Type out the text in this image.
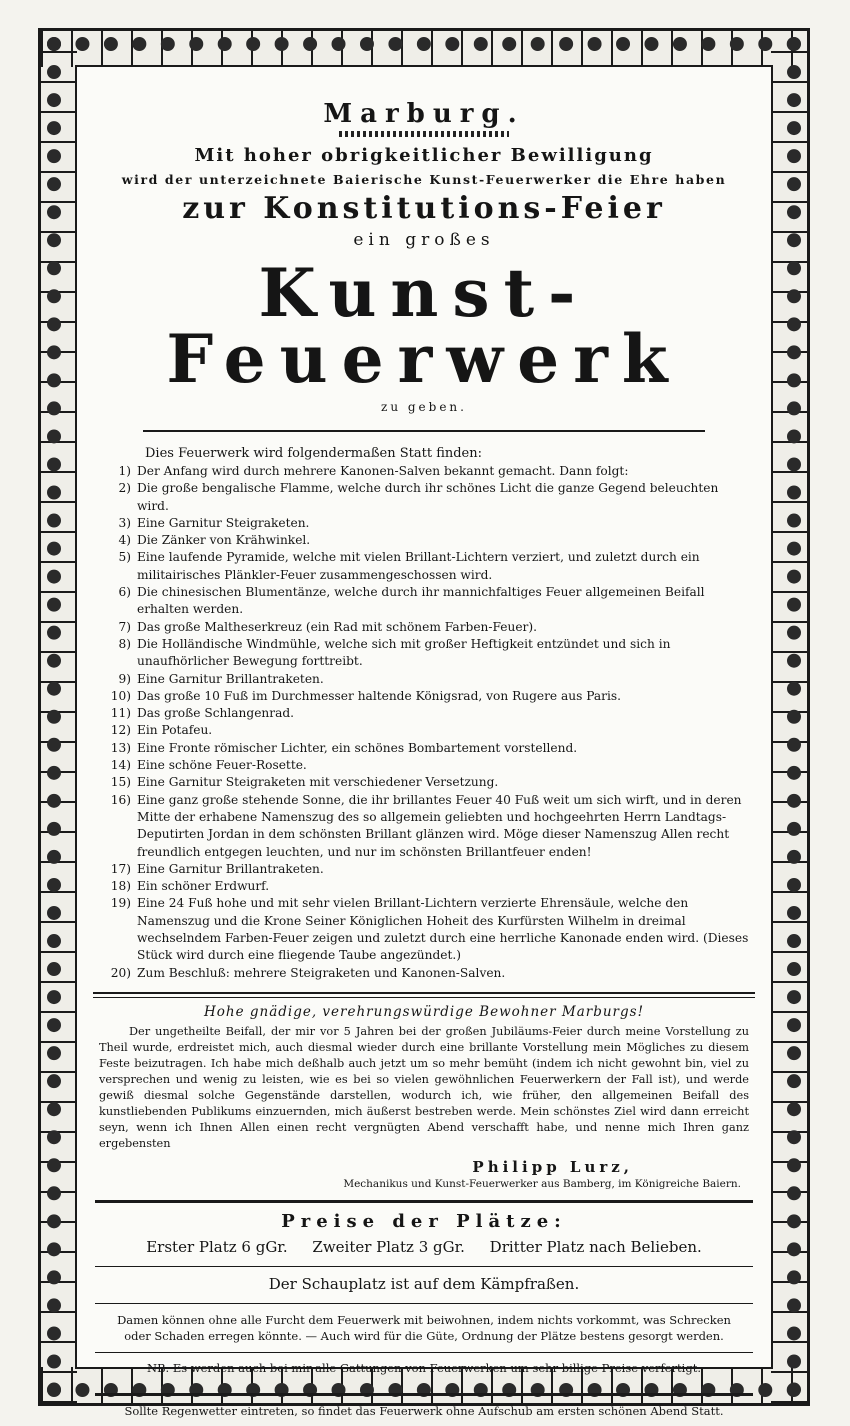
Marburg.
Mit hoher obrigkeitlicher Bewilligung
wird der unterzeichnete Baierische Kunst-Feuerwerker die Ehre haben
zur Konstitutions-Feier
ein großes
Kunst-Feuerwerk
zu geben.
Dies Feuerwerk wird folgendermaßen Statt finden:
1) Der Anfang wird durch mehrere Kanonen-Salven bekannt gemacht. Dann folgt:
2) Die große bengalische Flamme, welche durch ihr schönes Licht die ganze Gegend beleuchten wird.
3) Eine Garnitur Steigraketen.
4) Die Zänker von Krähwinkel.
5) Eine laufende Pyramide, welche mit vielen Brillant-Lichtern verziert, und zuletzt durch ein militairisches Plänkler-Feuer zusammengeschossen wird.
6) Die chinesischen Blumentänze, welche durch ihr mannichfaltiges Feuer allgemeinen Beifall erhalten werden.
7) Das große Maltheserkreuz (ein Rad mit schönem Farben-Feuer).
8) Die Holländische Windmühle, welche sich mit großer Heftigkeit entzündet und sich in unaufhörlicher Bewegung forttreibt.
9) Eine Garnitur Brillantraketen.
10) Das große 10 Fuß im Durchmesser haltende Königsrad, von Rugere aus Paris.
11) Das große Schlangenrad.
12) Ein Potafeu.
13) Eine Fronte römischer Lichter, ein schönes Bombartement vorstellend.
14) Eine schöne Feuer-Rosette.
15) Eine Garnitur Steigraketen mit verschiedener Versetzung.
16) Eine ganz große stehende Sonne, die ihr brillantes Feuer 40 Fuß weit um sich wirft, und in deren Mitte der erhabene Namenszug des so allgemein geliebten und hochgeehrten Herrn Landtags-Deputirten Jordan in dem schönsten Brillant glänzen wird. Möge dieser Namenszug Allen recht freundlich entgegen leuchten, und nur im schönsten Brillantfeuer enden!
17) Eine Garnitur Brillantraketen.
18) Ein schöner Erdwurf.
19) Eine 24 Fuß hohe und mit sehr vielen Brillant-Lichtern verzierte Ehrensäule, welche den Namenszug und die Krone Seiner Königlichen Hoheit des Kurfürsten Wilhelm in dreimal wechselndem Farben-Feuer zeigen und zuletzt durch eine herrliche Kanonade enden wird. (Dieses Stück wird durch eine fliegende Taube angezündet.)
20) Zum Beschluß: mehrere Steigraketen und Kanonen-Salven.
Hohe gnädige, verehrungswürdige Bewohner Marburgs!
Der ungetheilte Beifall, der mir vor 5 Jahren bei der großen Jubiläums-Feier durch meine Vorstellung zu Theil wurde, erdreistet mich, auch diesmal wieder durch eine brillante Vorstellung mein Mögliches zu diesem Feste beizutragen. Ich habe mich deßhalb auch jetzt um so mehr bemüht (indem ich nicht gewohnt bin, viel zu versprechen und wenig zu leisten, wie es bei so vielen gewöhnlichen Feuerwerkern der Fall ist), und werde gewiß diesmal solche Gegenstände darstellen, wodurch ich, wie früher, den allgemeinen Beifall des kunstliebenden Publikums einzuernden, mich äußerst bestreben werde. Mein schönstes Ziel wird dann erreicht seyn, wenn ich Ihnen Allen einen recht vergnügten Abend verschafft habe, und nenne mich Ihren ganz ergebensten
Philipp Lurz,
Mechanikus und Kunst-Feuerwerker aus Bamberg, im Königreiche Baiern.
Preise der Plätze:
Erster Platz 6 gGr. Zweiter Platz 3 gGr. Dritter Platz nach Belieben.
Der Schauplatz ist auf dem Kämpfraßen.
Damen können ohne alle Furcht dem Feuerwerk mit beiwohnen, indem nichts vorkommt, was Schrecken oder Schaden erregen könnte. — Auch wird für die Güte, Ordnung der Plätze bestens gesorgt werden.
NB. Es werden auch bei mir alle Gattungen von Feuerwerken um sehr billige Preise verfertigt.
Sollte Regenwetter eintreten, so findet das Feuerwerk ohne Aufschub am ersten schönen Abend Statt.
